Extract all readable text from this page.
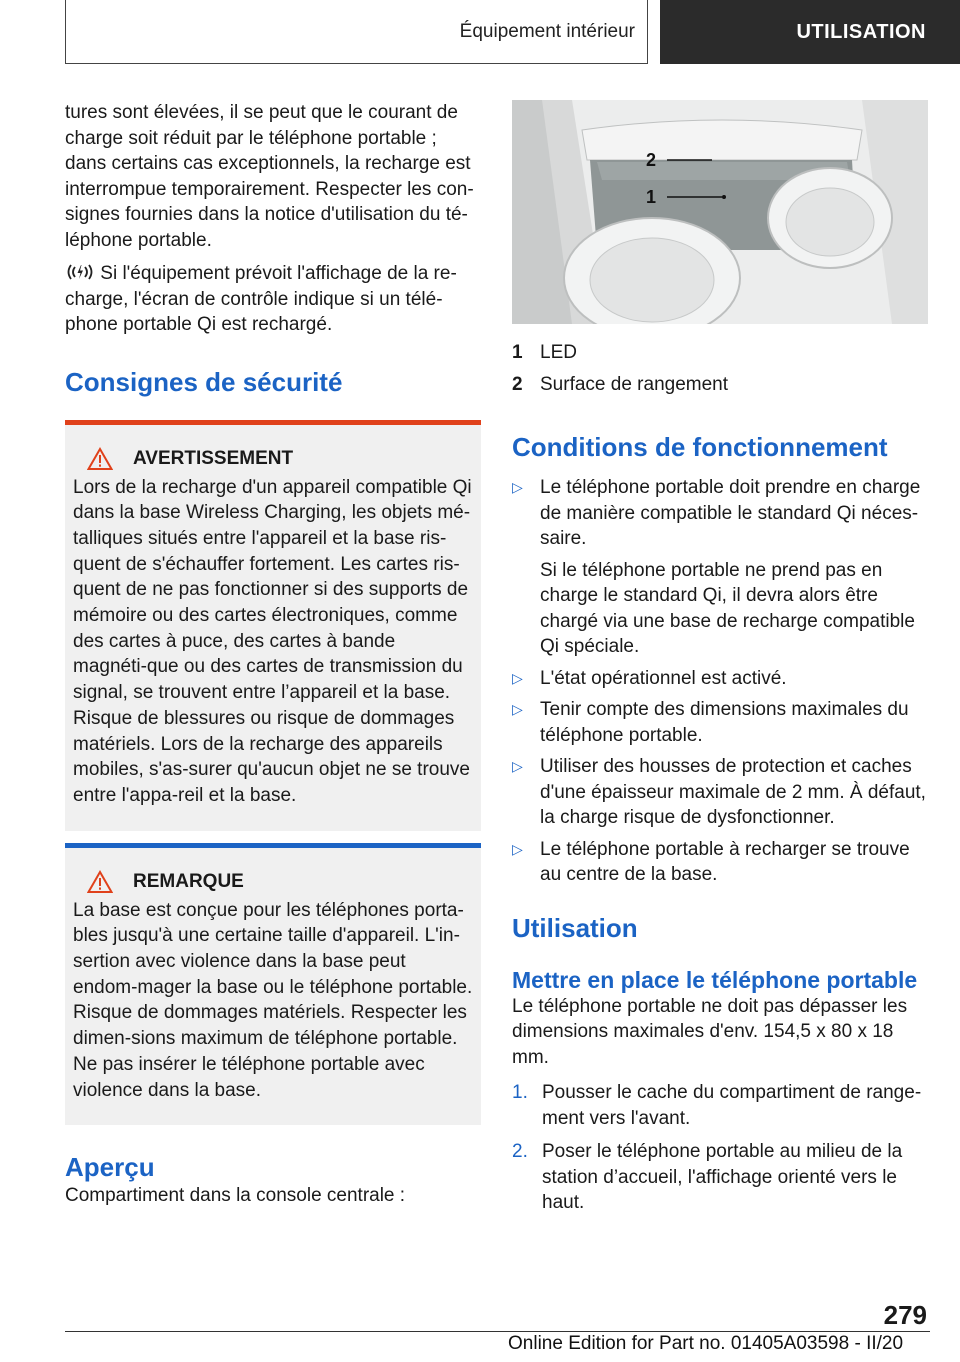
Équipement intérieur	UTILISATION

tures sont élevées, il se peut que le courant de charge soit réduit par le téléphone portable ; dans certains cas exceptionnels, la recharge est interrompue temporairement. Respecter les con‐signes fournies dans la notice d'utilisation du té‐léphone portable.

Si l'équipement prévoit l'affichage de la re‐charge, l'écran de contrôle indique si un télé‐phone portable Qi est rechargé.

Consignes de sécurité
AVERTISSEMENT

Lors de la recharge d'un appareil compatible Qi dans la base Wireless Charging, les objets mé‐talliques situés entre l'appareil et la base ris‐quent de s'échauffer fortement. Les cartes ris‐quent de ne pas fonctionner si des supports de mémoire ou des cartes électroniques, comme des cartes à puce, des cartes à bande magnéti‐que ou des cartes de transmission du signal, se trouvent entre l’appareil et la base. Risque de blessures ou risque de dommages matériels. Lors de la recharge des appareils mobiles, s'as‐surer qu'aucun objet ne se trouve entre l'appa‐reil et la base.

REMARQUE

La base est conçue pour les téléphones porta‐bles jusqu'à une certaine taille d'appareil. L'in‐sertion avec violence dans la base peut endom‐mager la base ou le téléphone portable. Risque de dommages matériels. Respecter les dimen‐sions maximum de téléphone portable. Ne pas insérer le téléphone portable avec violence dans la base.

Aperçu

Compartiment dans la console centrale :

2
1
1 LED
2 Surface de rangement
Conditions de fonctionnement
▷ Le téléphone portable doit prendre en charge de manière compatible le standard Qi néces‐saire.

Si le téléphone portable ne prend pas en charge le standard Qi, il devra alors être chargé via une base de recharge compatible Qi spéciale.

▷ L'état opérationnel est activé.

▷ Tenir compte des dimensions maximales du téléphone portable.

▷ Utiliser des housses de protection et caches d'une épaisseur maximale de 2 mm. À défaut, la charge risque de dysfonctionner.

▷ Le téléphone portable à recharger se trouve au centre de la base.

Utilisation
Mettre en place le téléphone portable

Le téléphone portable ne doit pas dépasser les dimensions maximales d'env. 154,5 x 80 x 18 mm.

1. Pousser le cache du compartiment de range‐ment vers l'avant.

2. Poser le téléphone portable au milieu de la station d’accueil, l'affichage orienté vers le haut.

279
Online Edition for Part no. 01405A03598 - II/20
